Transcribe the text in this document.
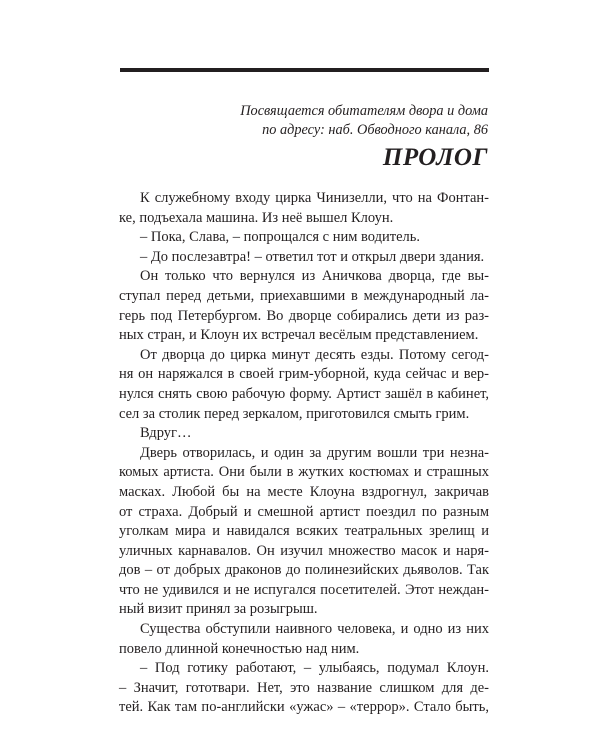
Посвящается обитателям двора и дома
по адресу: наб. Обводного канала, 86
ПРОЛОГ
К служебному входу цирка Чинизелли, что на Фонтан-
ке, подъехала машина. Из неё вышел Клоун.
– Пока, Слава, – попрощался с ним водитель.
– До послезавтра! – ответил тот и открыл двери здания.
Он только что вернулся из Аничкова дворца, где вы-
ступал перед детьми, приехавшими в международный ла-
герь под Петербургом. Во дворце собирались дети из раз-
ных стран, и Клоун их встречал весёлым представлением.
От дворца до цирка минут десять езды. Потому сегод-
ня он наряжался в своей грим-уборной, куда сейчас и вер-
нулся снять свою рабочую форму. Артист зашёл в кабинет,
сел за столик перед зеркалом, приготовился смыть грим.
Вдруг…
Дверь отворилась, и один за другим вошли три незна-
комых артиста. Они были в жутких костюмах и страшных
масках. Любой бы на месте Клоуна вздрогнул, закричав
от страха. Добрый и смешной артист поездил по разным
уголкам мира и навидался всяких театральных зрелищ и
уличных карнавалов. Он изучил множество масок и наря-
дов – от добрых драконов до полинезийских дьяволов. Так
что не удивился и не испугался посетителей. Этот неждан-
ный визит принял за розыгрыш.
Существа обступили наивного человека, и одно из них
повело длинной конечностью над ним.
– Под готику работают, – улыбаясь, подумал Клоун.
– Значит, гототвари. Нет, это название слишком для де-
тей. Как там по-английски «ужас» – «террор». Стало быть,
